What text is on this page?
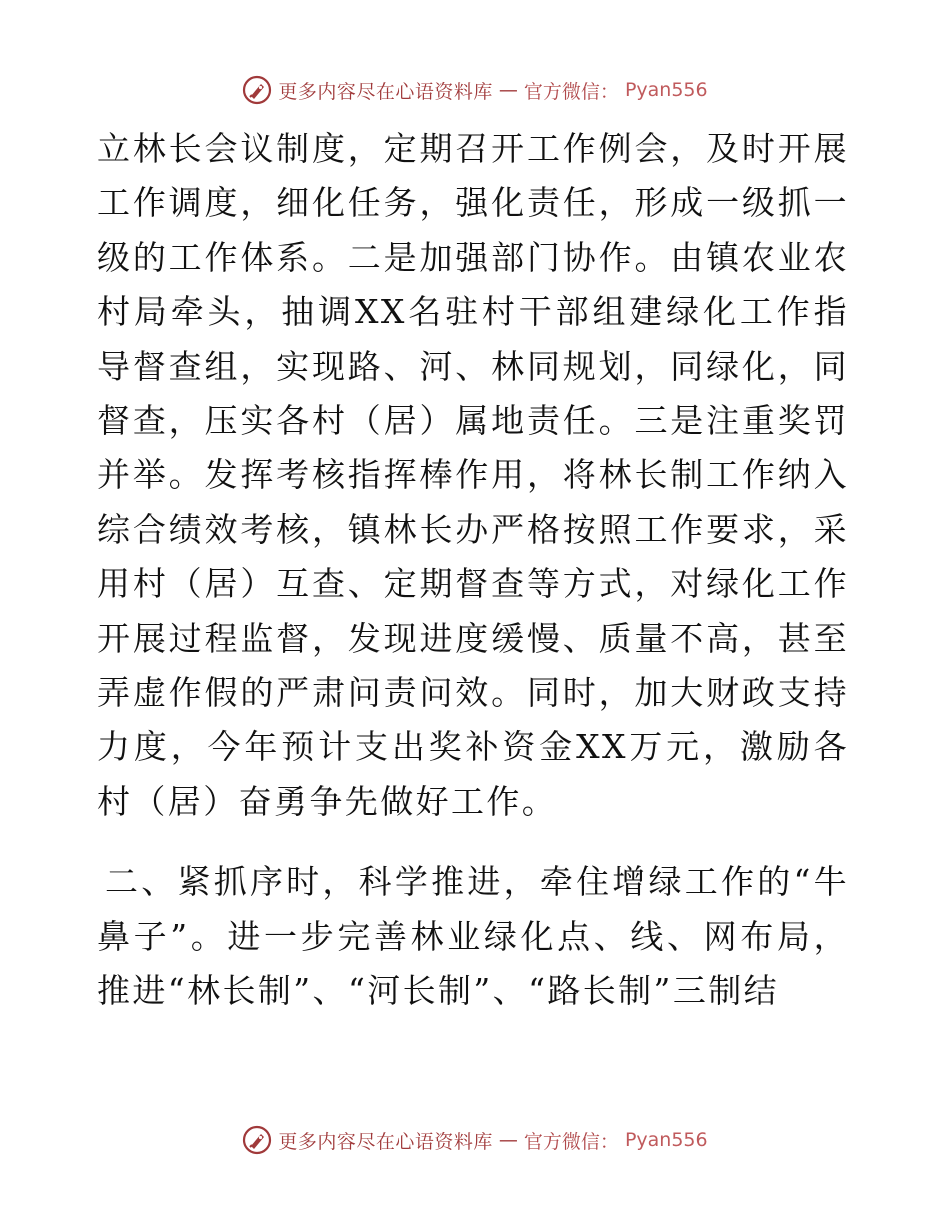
更多内容尽在心语资料库 — 官方微信： Pyan556

立林长会议制度，定期召开工作例会，及时开展工作调度，细化任务，强化责任，形成一级抓一级的工作体系。二是加强部门协作。由镇农业农村局牵头，抽调XX名驻村干部组建绿化工作指导督查组，实现路、河、林同规划，同绿化，同督查，压实各村（居）属地责任。三是注重奖罚并举。发挥考核指挥棒作用，将林长制工作纳入综合绩效考核，镇林长办严格按照工作要求，采用村（居）互查、定期督查等方式，对绿化工作开展过程监督，发现进度缓慢、质量不高，甚至弄虚作假的严肃问责问效。同时，加大财政支持力度，今年预计支出奖补资金XX万元，激励各村（居）奋勇争先做好工作。

二、紧抓序时，科学推进，牵住增绿工作的“牛鼻子”。进一步完善林业绿化点、线、网布局，推进“林长制”、“河长制”、“路长制”三制结

更多内容尽在心语资料库 — 官方微信： Pyan556
